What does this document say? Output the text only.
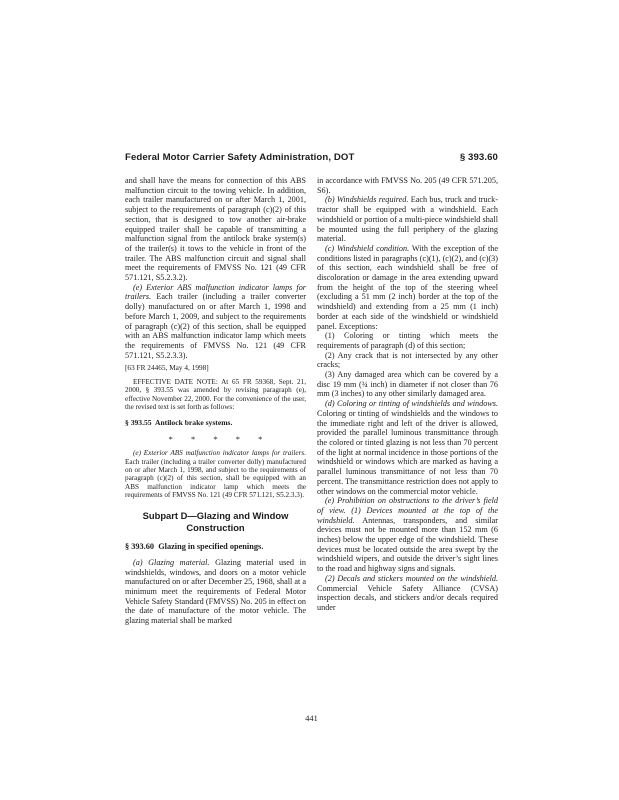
Federal Motor Carrier Safety Administration, DOT	§ 393.60

and shall have the means for connection of this ABS malfunction circuit to the towing vehicle. In addition, each trailer manufactured on or after March 1, 2001, subject to the requirements of paragraph (c)(2) of this section, that is designed to tow another air-brake equipped trailer shall be capable of transmitting a malfunction signal from the antilock brake system(s) of the trailer(s) it tows to the vehicle in front of the trailer. The ABS malfunction circuit and signal shall meet the requirements of FMVSS No. 121 (49 CFR 571.121, S5.2.3.2).

(e) Exterior ABS malfunction indicator lamps for trailers. Each trailer (including a trailer converter dolly) manufactured on or after March 1, 1998 and before March 1, 2009, and subject to the requirements of paragraph (c)(2) of this section, shall be equipped with an ABS malfunction indicator lamp which meets the requirements of FMVSS No. 121 (49 CFR 571.121, S5.2.3.3).

[63 FR 24465, May 4, 1998]

EFFECTIVE DATE NOTE: At 65 FR 59368, Sept. 21, 2000, § 393.55 was amended by revising paragraph (e), effective November 22, 2000. For the convenience of the user, the revised text is set forth as follows:

§ 393.55  Antilock brake systems.

* * * * *

(e) Exterior ABS malfunction indicator lamps for trailers. Each trailer (including a trailer converter dolly) manufactured on or after March 1, 1998, and subject to the requirements of paragraph (c)(2) of this section, shall be equipped with an ABS malfunction indicator lamp which meets the requirements of FMVSS No. 121 (49 CFR 571.121, S5.2.3.3).

Subpart D—Glazing and Window Construction

§ 393.60  Glazing in specified openings.

(a) Glazing material. Glazing material used in windshields, windows, and doors on a motor vehicle manufactured on or after December 25, 1968, shall at a minimum meet the requirements of Federal Motor Vehicle Safety Standard (FMVSS) No. 205 in effect on the date of manufacture of the motor vehicle. The glazing material shall be marked

in accordance with FMVSS No. 205 (49 CFR 571.205, S6).

(b) Windshields required. Each bus, truck and truck-tractor shall be equipped with a windshield. Each windshield or portion of a multi-piece windshield shall be mounted using the full periphery of the glazing material.

(c) Windshield condition. With the exception of the conditions listed in paragraphs (c)(1), (c)(2), and (c)(3) of this section, each windshield shall be free of discoloration or damage in the area extending upward from the height of the top of the steering wheel (excluding a 51 mm (2 inch) border at the top of the windshield) and extending from a 25 mm (1 inch) border at each side of the windshield or windshield panel. Exceptions:

(1) Coloring or tinting which meets the requirements of paragraph (d) of this section;

(2) Any crack that is not intersected by any other cracks;

(3) Any damaged area which can be covered by a disc 19 mm (¾ inch) in diameter if not closer than 76 mm (3 inches) to any other similarly damaged area.

(d) Coloring or tinting of windshields and windows. Coloring or tinting of windshields and the windows to the immediate right and left of the driver is allowed, provided the parallel luminous transmittance through the colored or tinted glazing is not less than 70 percent of the light at normal incidence in those portions of the windshield or windows which are marked as having a parallel luminous transmittance of not less than 70 percent. The transmittance restriction does not apply to other windows on the commercial motor vehicle.

(e) Prohibition on obstructions to the driver’s field of view. (1) Devices mounted at the top of the windshield. Antennas, transponders, and similar devices must not be mounted more than 152 mm (6 inches) below the upper edge of the windshield. These devices must be located outside the area swept by the windshield wipers, and outside the driver’s sight lines to the road and highway signs and signals.

(2) Decals and stickers mounted on the windshield. Commercial Vehicle Safety Alliance (CVSA) inspection decals, and stickers and/or decals required under

441
